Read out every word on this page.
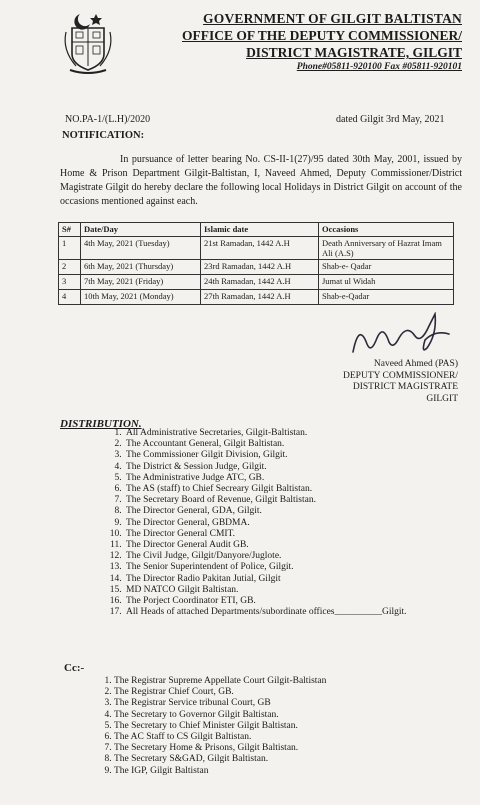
GOVERNMENT OF GILGIT BALTISTAN
OFFICE OF THE DEPUTY COMMISSIONER/
DISTRICT MAGISTRATE, GILGIT
Phone#05811-920100 Fax #05811-920101
NO.PA-1/(L.H)/2020	dated Gilgit 3rd May, 2021
NOTIFICATION:
In pursuance of letter bearing No. CS-II-1(27)/95 dated 30th May, 2001, issued by Home & Prison Department Gilgit-Baltistan, I, Naveed Ahmed, Deputy Commissioner/District Magistrate Gilgit do hereby declare the following local Holidays in District Gilgit on account of the occasions mentioned against each.
S#	Date/Day	Islamic date	Occasions
1	4th May, 2021 (Tuesday)	21st Ramadan, 1442 A.H	Death Anniversary of Hazrat Imam Ali (A.S)
2	6th May, 2021 (Thursday)	23rd Ramadan, 1442 A.H	Shab-e- Qadar
3	7th May, 2021 (Friday)	24th Ramadan, 1442 A.H	Jumat ul Widah
4	10th May, 2021 (Monday)	27th Ramadan, 1442 A.H	Shab-e-Qadar
Naveed Ahmed (PAS)
DEPUTY COMMISSIONER/
DISTRICT MAGISTRATE
GILGIT
DISTRIBUTION.
1. All Administrative Secretaries, Gilgit-Baltistan.
2. The Accountant General, Gilgit Baltistan.
3. The Commissioner Gilgit Division, Gilgit.
4. The District & Session Judge, Gilgit.
5. The Administrative Judge ATC, GB.
6. The AS (staff) to Chief Secreary Gilgit Baltistan.
7. The Secretary Board of Revenue, Gilgit Baltistan.
8. The Director General, GDA, Gilgit.
9. The Director General, GBDMA.
10. The Director General CMIT.
11. The Director General Audit GB.
12. The Civil Judge, Gilgit/Danyore/Juglote.
13. The Senior Superintendent of Police, Gilgit.
14. The Director Radio Pakitan Jutial, Gilgit
15. MD NATCO Gilgit Baltistan.
16. The Porject Coordinator ETI, GB.
17. All Heads of attached Departments/subordinate offices__________Gilgit.
Cc:-
1. The Registrar Supreme Appellate Court Gilgit-Baltistan
2. The Registrar Chief Court, GB.
3. The Registrar Service tribunal Court, GB
4. The Secretary to Governor Gilgit Baltistan.
5. The Secretary to Chief Minister Gilgit Baltistan.
6. The AC Staff to CS Gilgit Baltistan.
7. The Secretary Home & Prisons, Gilgit Baltistan.
8. The Secretary S&GAD, Gilgit Baltistan.
9. The IGP, Gilgit Baltistan
